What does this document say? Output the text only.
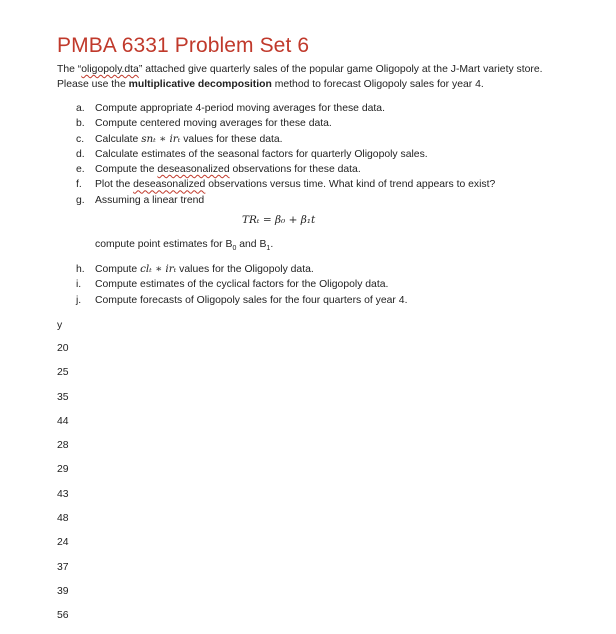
PMBA 6331 Problem Set 6
The “oligopoly.dta” attached give quarterly sales of the popular game Oligopoly at the J-Mart variety store. Please use the multiplicative decomposition method to forecast Oligopoly sales for year 4.
a. Compute appropriate 4-period moving averages for these data.
b. Compute centered moving averages for these data.
c. Calculate snₜ ∗ irₜ values for these data.
d. Calculate estimates of the seasonal factors for quarterly Oligopoly sales.
e. Compute the deseasonalized observations for these data.
f. Plot the deseasonalized observations versus time. What kind of trend appears to exist?
g. Assuming a linear trend
TRₜ = β₀ + β₁t
compute point estimates for $B_0$ and $B_1$.
h. Compute clₜ ∗ irₜ values for the Oligopoly data.
i. Compute estimates of the cyclical factors for the Oligopoly data.
j. Compute forecasts of Oligopoly sales for the four quarters of year 4.
y
20
25
35
44
28
29
43
48
24
37
39
56
